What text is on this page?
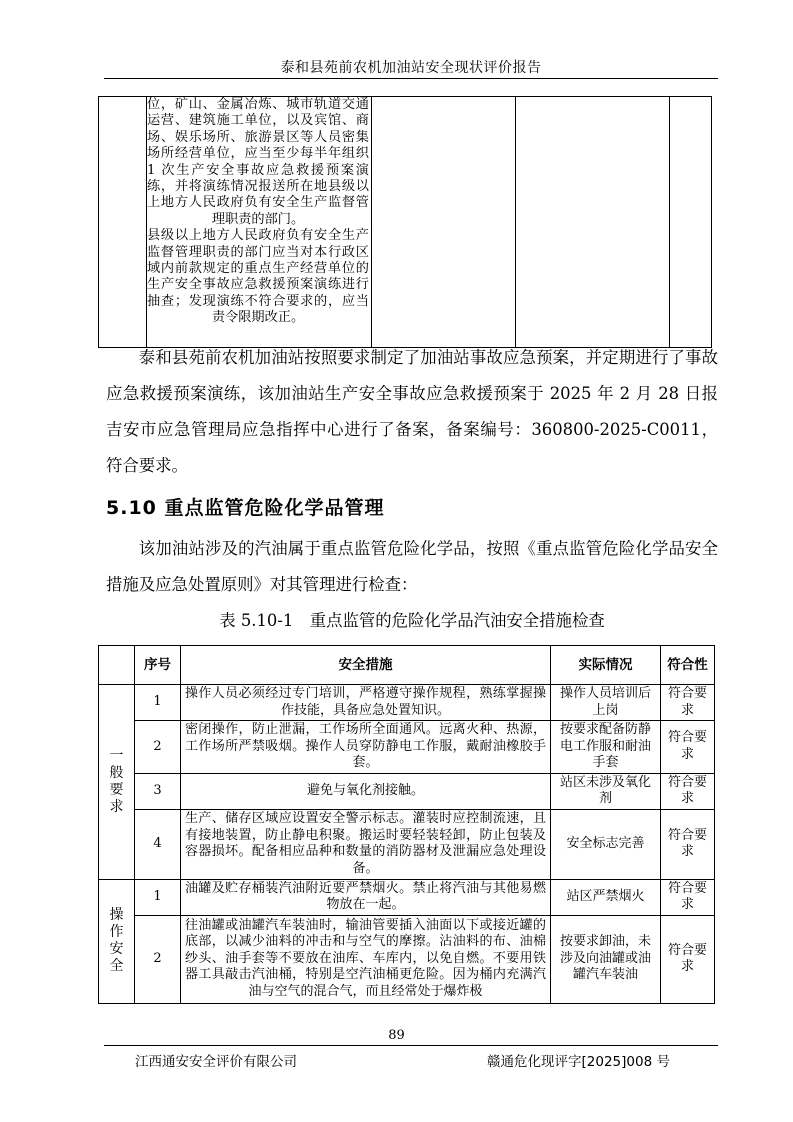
泰和县苑前农机加油站安全现状评价报告

位，矿山、金属冶炼、城市轨道交通运营、建筑施工单位，以及宾馆、商场、娱乐场所、旅游景区等人员密集场所经营单位，应当至少每半年组织 1 次生产安全事故应急救援预案演练，并将演练情况报送所在地县级以上地方人民政府负有安全生产监督管理职责的部门。

县级以上地方人民政府负有安全生产监督管理职责的部门应当对本行政区域内前款规定的重点生产经营单位的生产安全事故应急救援预案演练进行抽查；发现演练不符合要求的，应当责令限期改正。

泰和县苑前农机加油站按照要求制定了加油站事故应急预案，并定期进行了事故应急救援预案演练，该加油站生产安全事故应急救援预案于 2025 年 2 月 28 日报吉安市应急管理局应急指挥中心进行了备案，备案编号：360800-2025-C0011，符合要求。
5.10 重点监管危险化学品管理
该加油站涉及的汽油属于重点监管危险化学品，按照《重点监管危险化学品安全措施及应急处置原则》对其管理进行检查：
表 5.10-1　重点监管的危险化学品汽油安全措施检查
	序号	安全措施	实际情况	符合性
一般要求	1	操作人员必须经过专门培训，严格遵守操作规程，熟练掌握操作技能，具备应急处置知识。	操作人员培训后上岗	符合要求
	2	密闭操作，防止泄漏，工作场所全面通风。远离火种、热源，工作场所严禁吸烟。操作人员穿防静电工作服，戴耐油橡胶手套。	按要求配备防静电工作服和耐油手套	符合要求
	3	避免与氧化剂接触。	站区未涉及氧化剂	符合要求
	4	生产、储存区域应设置安全警示标志。灌装时应控制流速，且有接地装置，防止静电积聚。搬运时要轻装轻卸，防止包装及容器损坏。配备相应品种和数量的消防器材及泄漏应急处理设备。	安全标志完善	符合要求
操作安全	1	油罐及贮存桶装汽油附近要严禁烟火。禁止将汽油与其他易燃物放在一起。	站区严禁烟火	符合要求
	2	往油罐或油罐汽车装油时，输油管要插入油面以下或接近罐的底部，以减少油料的冲击和与空气的摩擦。沾油料的布、油棉纱头、油手套等不要放在油库、车库内，以免自燃。不要用铁器工具敲击汽油桶，特别是空汽油桶更危险。因为桶内充满汽油与空气的混合气，而且经常处于爆炸极	按要求卸油，未涉及向油罐或油罐汽车装油	符合要求
89
江西通安安全评价有限公司	赣通危化现评字[2025]008 号
